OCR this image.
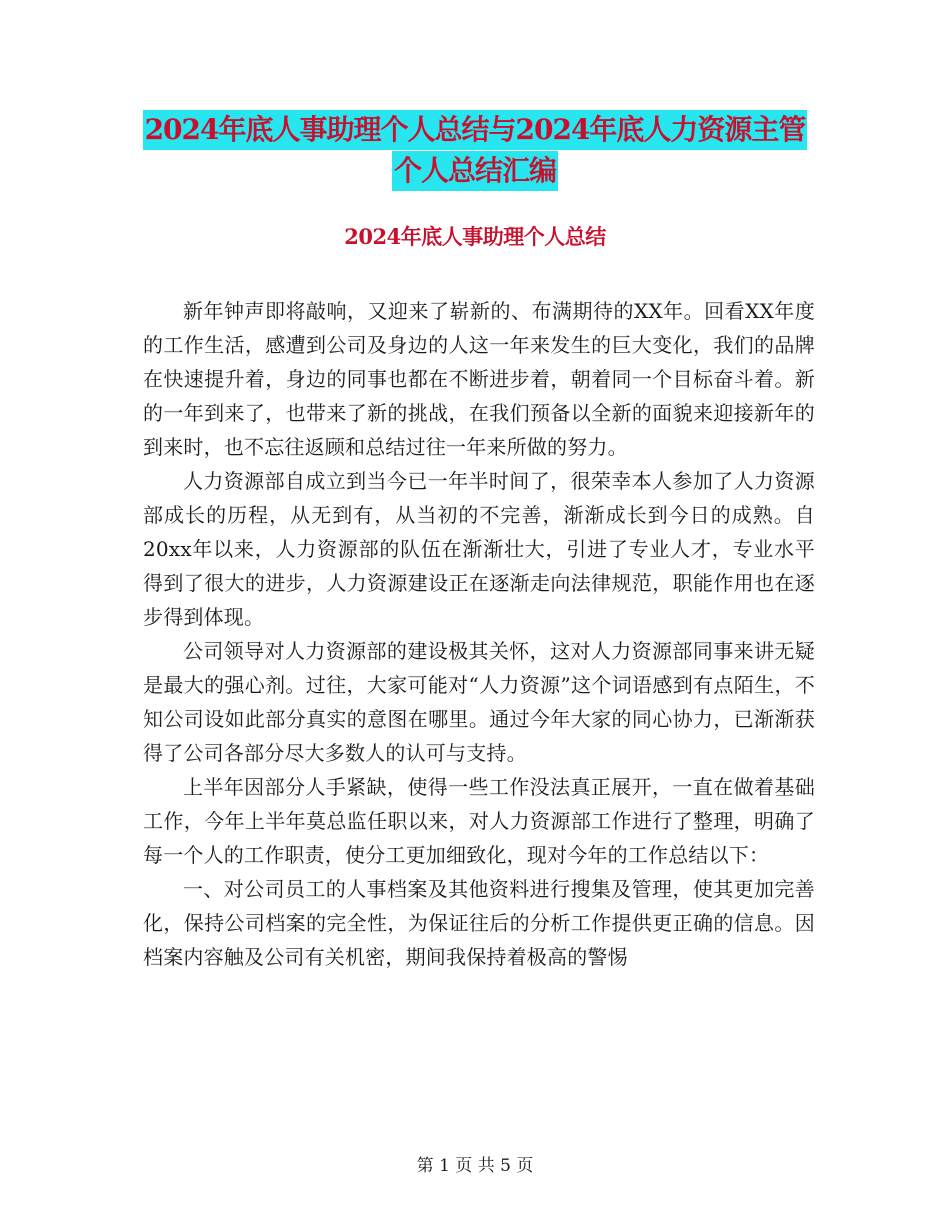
2024年底人事助理个人总结与2024年底人力资源主管
个人总结汇编
2024年底人事助理个人总结

新年钟声即将敲响，又迎来了崭新的、布满期待的XX年。回看XX年度的工作生活，感遭到公司及身边的人这一年来发生的巨大变化，我们的品牌在快速提升着，身边的同事也都在不断进步着，朝着同一个目标奋斗着。新的一年到来了，也带来了新的挑战，在我们预备以全新的面貌来迎接新年的到来时，也不忘往返顾和总结过往一年来所做的努力。

人力资源部自成立到当今已一年半时间了，很荣幸本人参加了人力资源部成长的历程，从无到有，从当初的不完善，渐渐成长到今日的成熟。自20xx年以来，人力资源部的队伍在渐渐壮大，引进了专业人才，专业水平得到了很大的进步，人力资源建设正在逐渐走向法律规范，职能作用也在逐步得到体现。

公司领导对人力资源部的建设极其关怀，这对人力资源部同事来讲无疑是最大的强心剂。过往，大家可能对“人力资源”这个词语感到有点陌生，不知公司设如此部分真实的意图在哪里。通过今年大家的同心协力，已渐渐获得了公司各部分尽大多数人的认可与支持。

上半年因部分人手紧缺，使得一些工作没法真正展开，一直在做着基础工作，今年上半年莫总监任职以来，对人力资源部工作进行了整理，明确了每一个人的工作职责，使分工更加细致化，现对今年的工作总结以下：

一、对公司员工的人事档案及其他资料进行搜集及管理，使其更加完善化，保持公司档案的完全性，为保证往后的分析工作提供更正确的信息。因档案内容触及公司有关机密，期间我保持着极高的警惕

第 1 页 共 5 页
